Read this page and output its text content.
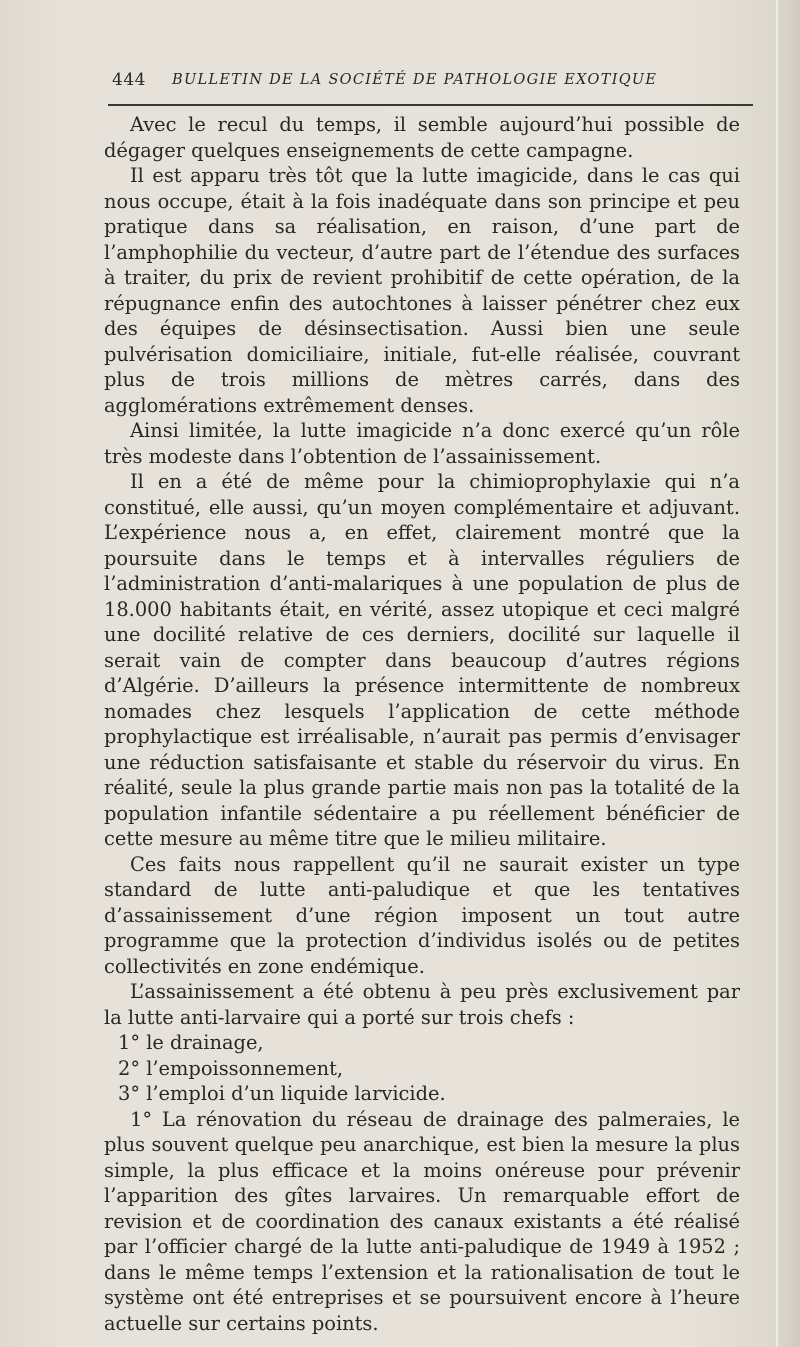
444 BULLETIN DE LA SOCIÉTÉ DE PATHOLOGIE EXOTIQUE

Avec le recul du temps, il semble aujourd’hui possible de dégager quelques enseignements de cette campagne.

Il est apparu très tôt que la lutte imagicide, dans le cas qui nous occupe, était à la fois inadéquate dans son principe et peu pratique dans sa réalisation, en raison, d’une part de l’amphophilie du vecteur, d’autre part de l’étendue des surfaces à traiter, du prix de revient prohibitif de cette opération, de la répugnance enfin des autochtones à laisser pénétrer chez eux des équipes de désinsectisation. Aussi bien une seule pulvérisation domiciliaire, initiale, fut-elle réalisée, couvrant plus de trois millions de mètres carrés, dans des agglomérations extrêmement denses.

Ainsi limitée, la lutte imagicide n’a donc exercé qu’un rôle très modeste dans l’obtention de l’assainissement.

Il en a été de même pour la chimioprophylaxie qui n’a constitué, elle aussi, qu’un moyen complémentaire et adjuvant. L’expérience nous a, en effet, clairement montré que la poursuite dans le temps et à intervalles réguliers de l’administration d’anti-malariques à une population de plus de 18.000 habitants était, en vérité, assez utopique et ceci malgré une docilité relative de ces derniers, docilité sur laquelle il serait vain de compter dans beaucoup d’autres régions d’Algérie. D’ailleurs la présence intermittente de nombreux nomades chez lesquels l’application de cette méthode prophylactique est irréalisable, n’aurait pas permis d’envisager une réduction satisfaisante et stable du réservoir du virus. En réalité, seule la plus grande partie mais non pas la totalité de la population infantile sédentaire a pu réellement bénéficier de cette mesure au même titre que le milieu militaire.

Ces faits nous rappellent qu’il ne saurait exister un type standard de lutte anti-paludique et que les tentatives d’assainissement d’une région imposent un tout autre programme que la protection d’individus isolés ou de petites collectivités en zone endémique.

L’assainissement a été obtenu à peu près exclusivement par la lutte anti-larvaire qui a porté sur trois chefs :

1° le drainage,

2° l’empoissonnement,

3° l’emploi d’un liquide larvicide.

1° La rénovation du réseau de drainage des palmeraies, le plus souvent quelque peu anarchique, est bien la mesure la plus simple, la plus efficace et la moins onéreuse pour prévenir l’apparition des gîtes larvaires. Un remarquable effort de revision et de coordination des canaux existants a été réalisé par l’officier chargé de la lutte anti-paludique de 1949 à 1952 ; dans le même temps l’extension et la rationalisation de tout le système ont été entreprises et se poursuivent encore à l’heure actuelle sur certains points.
